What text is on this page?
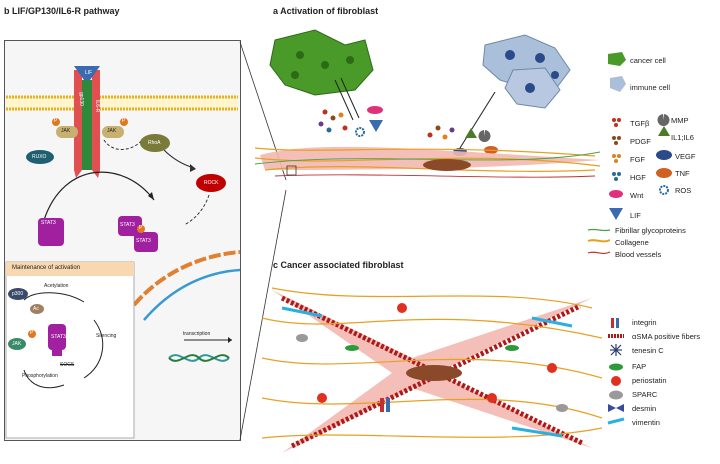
b LIF/GP130/IL6-R pathway
LIF
JAK
P
JAK
P
RUXO
RhoA
ROCK
STAT3	STAT3
STAT3
P
transcription
Maintenance of activation
Acetylation
p300
Ac
STAT3
JAK
P	Silencing
SOCS
Phosphorylation
a Activation of fibroblast
cancer cell
immune cell
TGFβ
PDGF
FGF
HGF
Wnt
LIF
MMP
IL1;IL6
VEGF
TNF
ROS
Fibrillar glycoproteins
Collagene
Blood vessels
c Cancer associated fibroblast
integrin
αSMA positive fibers
tenesin C
FAP
periostatin
SPARC
desmin
vimentin
